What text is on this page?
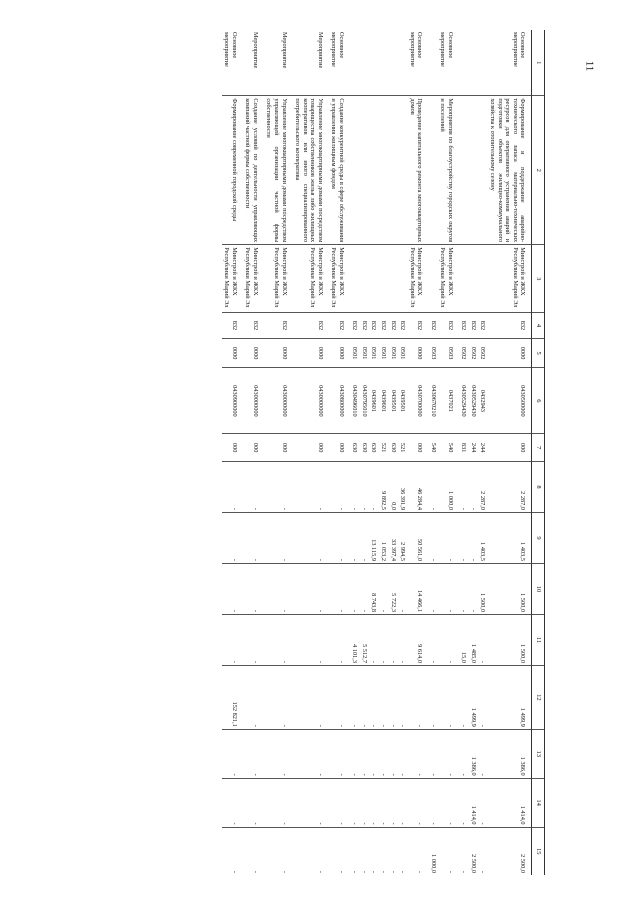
11
1	2	3	4	5	6	7	8	9	10	11	12	13	14	15
Основное мероприятие	Формирование и поддержание аварийно-технического запаса материально-технических ресурсов для оперативного устранения аварий и подготовки объектов жилищно-коммунального хозяйства к отопительному сезону	Минстрой и ЖКХ Республики Марий Эл	832	0000	0430500000	000	2 287,0	1 403,5	1 500,0	1 500,0	1 499,9	1 386,0	1 414,0	2 500,0
			832	0502	0432943	244	2 287,0	1 403,5	1 500,0	-	-	-	-	-
			832	0502	0430529430	244	-	-	-	1 485,0	1 499,9	1 386,0	1 414,0	2 500,0
			832	0502	0430529430	831	-	-	-	15,0	-	-	-	-
Основное мероприятие	Мероприятия по благоустройству городских округов и поселений	Минстрой и ЖКХ Республики Марий Эл	832	0503	0437021	540	1 000,0	-	-	-	-	-	-	-
			832	0503	0430670210	540	-	-	-	-	-	-	-	1 000,0
Основное мероприятие	Проведение капитального ремонта многоквартирных домов	Минстрой и ЖКХ Республики Марий Эл	832	0000	0430700000	000	46 284,4	50 561,0	14 466,1	9 614,0	-	-	-	-
			832	0501	0439501	521	36 391,9	2 994,5	-	-	-	-	-	-
			832	0501	0439501	630	0,0	33 397,4	5 722,3	-	-	-	-	-
			832	0501	0439601	521	9 892,5	1 053,2	-	-	-	-	-	-
			832	0501	0439601	630	-	13 115,9	8 743,8	-	-	-	-	-
			832	0501	0430795010	630	-	-	-	5 512,7	-	-	-	-
			832	0501	0430496010	630	-	-	-	4 101,3	-	-	-	-
Основное мероприятие	Создание конкурентной среды в сфере обслуживания и управления жилищным фондом	Минстрой и ЖКХ Республики Марий Эл	832	0000	0430800000	000	-	-	-	-	-	-	-	-
Мероприятие	Управление многоквартирными домами посредством товарищества собственников жилья либо жилищных кооперативов или иного специализированного потребительского кооператива	Минстрой и ЖКХ Республики Марий Эл	832	0000	0430000000	000	-	-	-	-	-	-	-	-
Мероприятие	Управление многоквартирными домами посредством управляющей организации частной формы собственности	Минстрой и ЖКХ Республики Марий Эл	832	0000	0430000000	000	-	-	-	-	-	-	-	-
Мероприятие	Создание условий по деятельности управляющих компаний частной формы собственности	Минстрой и ЖКХ Республики Марий Эл	832	0000	0430000000	000	-	-	-	-	-	-	-	-
Основное мероприятие	Формирование современной городской среды	Минстрой и ЖКХ Республики Марий Эл	832	0000	0430900000	000	-	-	-	-	152 821,1	-	-	-
